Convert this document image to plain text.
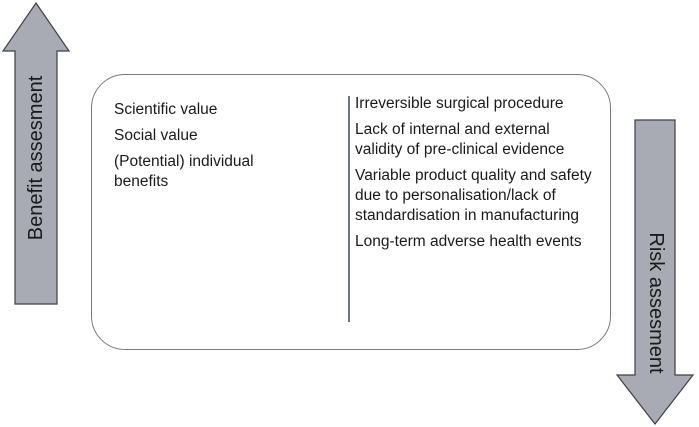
Benefit assesment
Risk assesment
Scientific value
Social value
(Potential) individual benefits
Irreversible surgical procedure
Lack of internal and external validity of pre-clinical evidence
Variable product quality and safety due to personalisation/lack of standardisation in manufacturing
Long-term adverse health events
